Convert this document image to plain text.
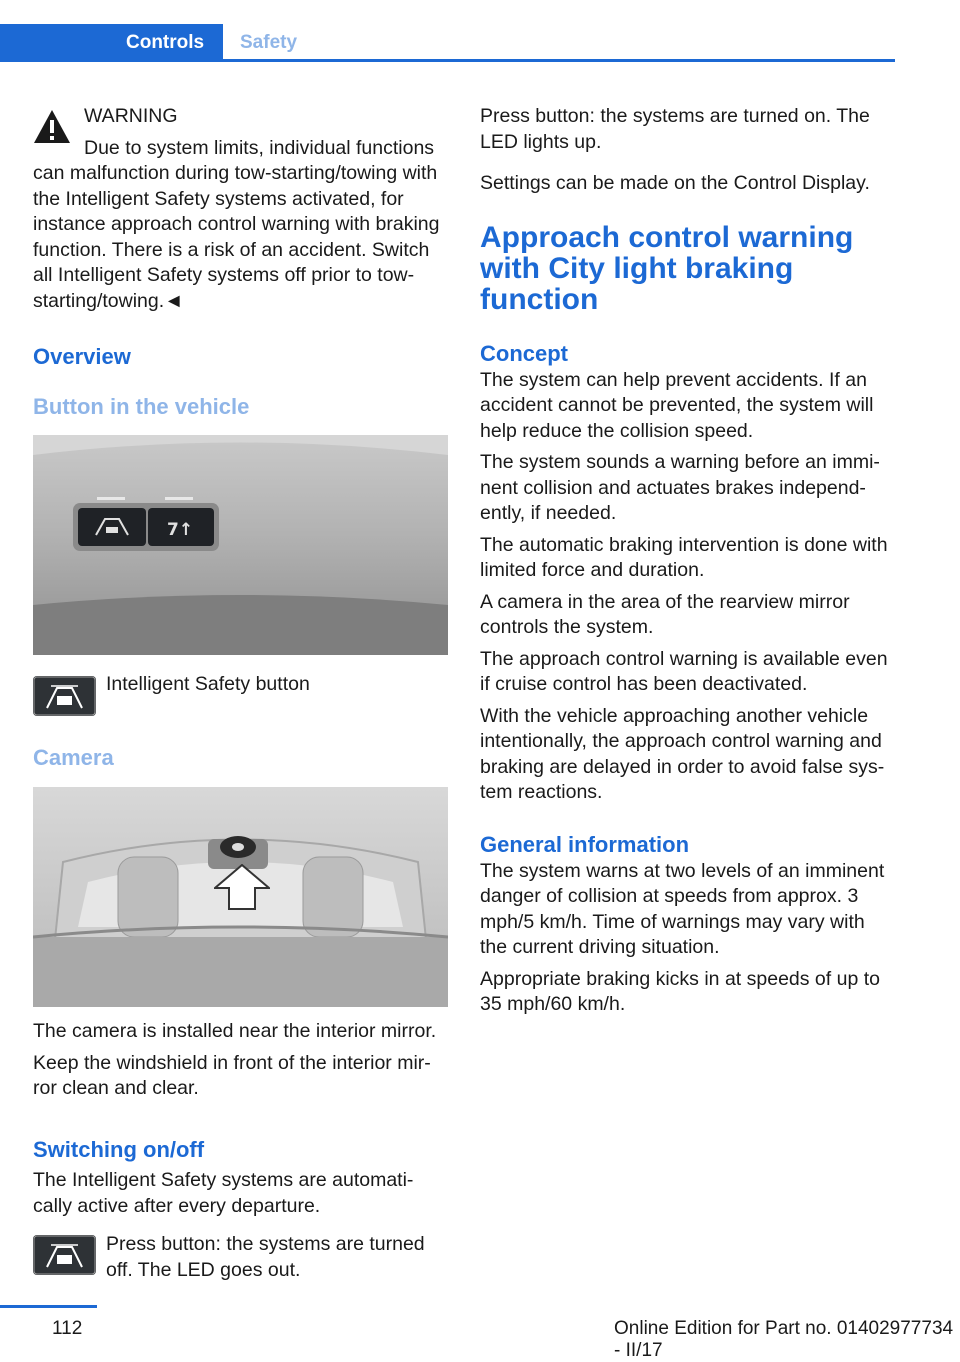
Controls Safety
WARNING
Due to system limits, individual functions
can malfunction during tow-starting/towing with the Intelligent Safety systems activated, for instance approach control warning with braking function. There is a risk of an accident. Switch all Intelligent Safety systems off prior to tow-starting/towing.◄
Overview
Button in the vehicle
7↑
Intelligent Safety button
Camera

The camera is installed near the interior mirror.

Keep the windshield in front of the interior mir-ror clean and clear.

Switching on/off

The Intelligent Safety systems are automati-cally active after every departure.

Press button: the systems are turned off. The LED goes out.

Press button: the systems are turned on. The LED lights up.

Settings can be made on the Control Display.

Approach control warning with City light braking function
Concept

The system can help prevent accidents. If an accident cannot be prevented, the system will help reduce the collision speed.

The system sounds a warning before an immi-nent collision and actuates brakes independ-ently, if needed.

The automatic braking intervention is done with limited force and duration.

A camera in the area of the rearview mirror controls the system.

The approach control warning is available even if cruise control has been deactivated.

With the vehicle approaching another vehicle intentionally, the approach control warning and braking are delayed in order to avoid false sys-tem reactions.

General information

The system warns at two levels of an imminent danger of collision at speeds from approx. 3 mph/5 km/h. Time of warnings may vary with the current driving situation.

Appropriate braking kicks in at speeds of up to 35 mph/60 km/h.

112	Online Edition for Part no. 01402977734 - II/17
